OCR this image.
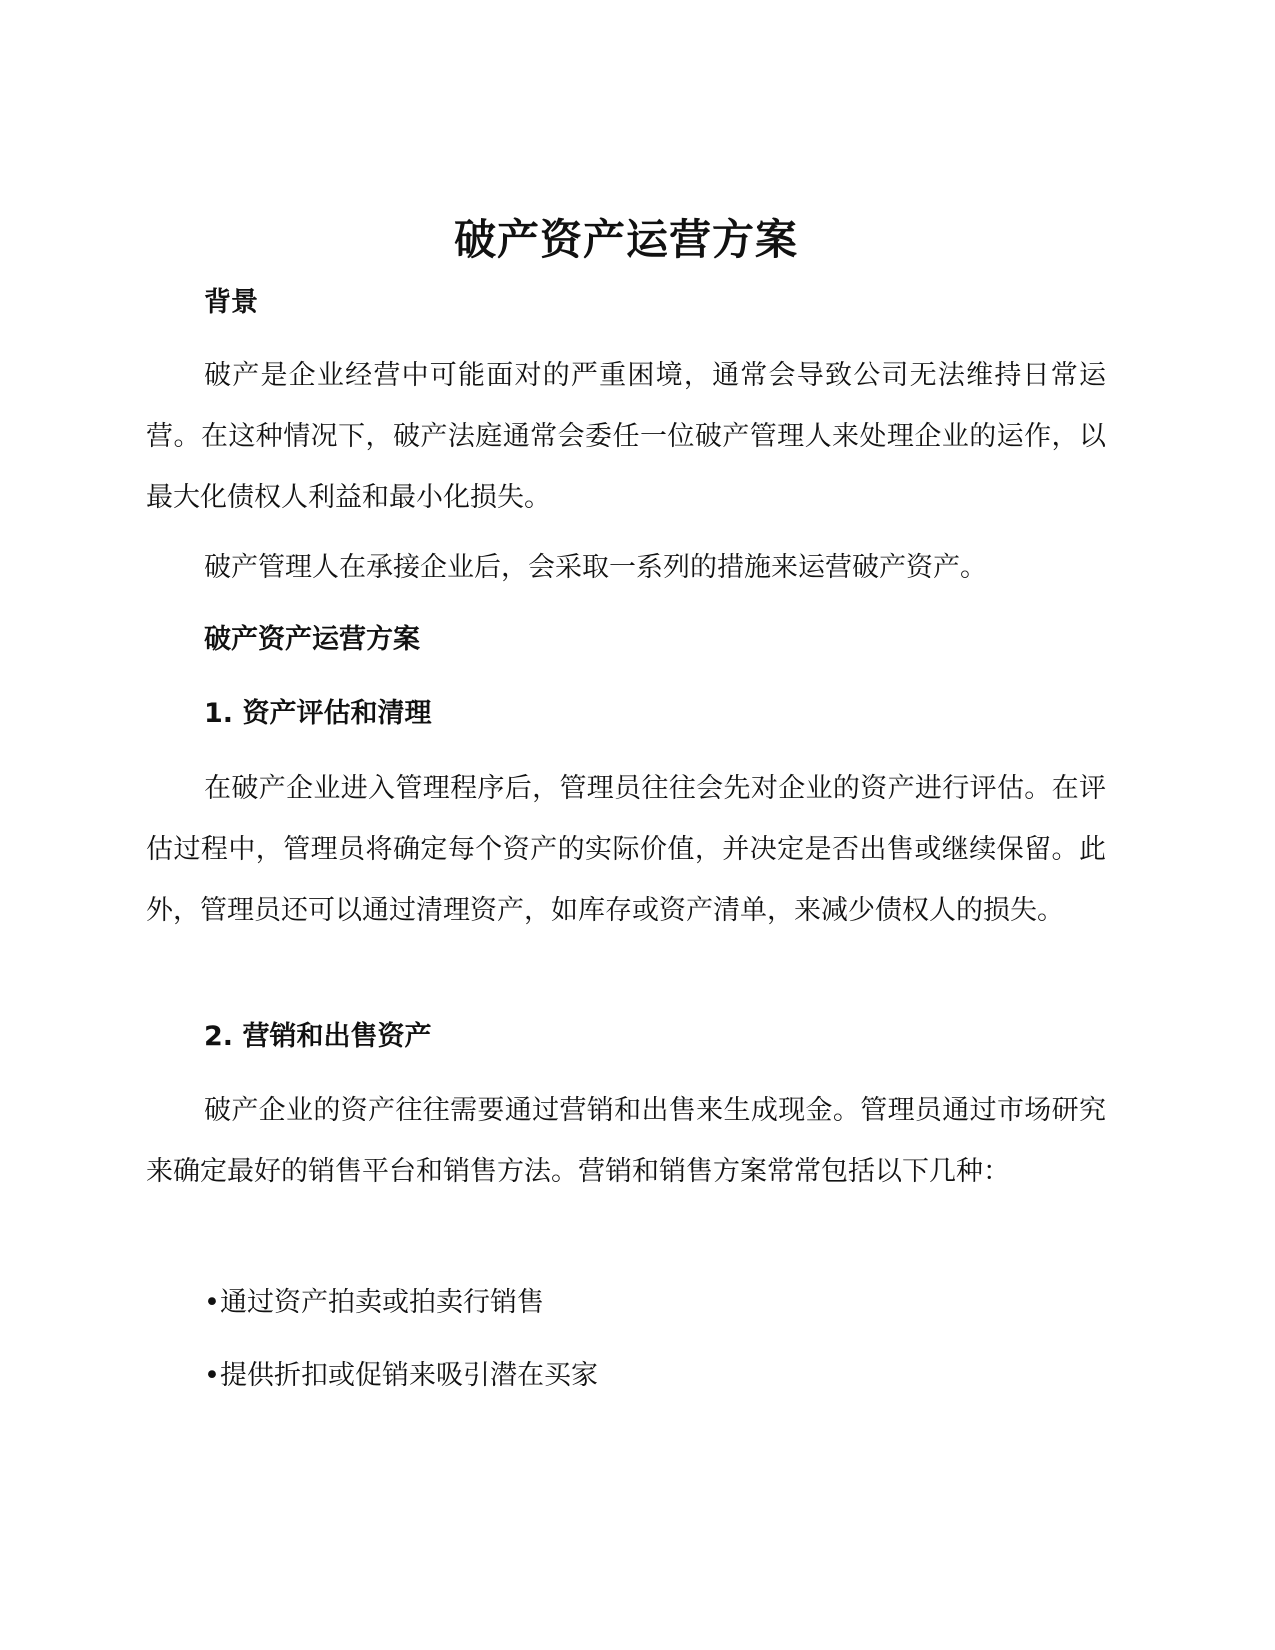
破产资产运营方案
背景

破产是企业经营中可能面对的严重困境，通常会导致公司无法维持日常运营。在这种情况下，破产法庭通常会委任一位破产管理人来处理企业的运作，以最大化债权人利益和最小化损失。

破产管理人在承接企业后，会采取一系列的措施来运营破产资产。

破产资产运营方案
1. 资产评估和清理

在破产企业进入管理程序后，管理员往往会先对企业的资产进行评估。在评估过程中，管理员将确定每个资产的实际价值，并决定是否出售或继续保留。此外，管理员还可以通过清理资产，如库存或资产清单，来减少债权人的损失。

2. 营销和出售资产

破产企业的资产往往需要通过营销和出售来生成现金。管理员通过市场研究来确定最好的销售平台和销售方法。营销和销售方案常常包括以下几种：

•通过资产拍卖或拍卖行销售
•提供折扣或促销来吸引潜在买家
